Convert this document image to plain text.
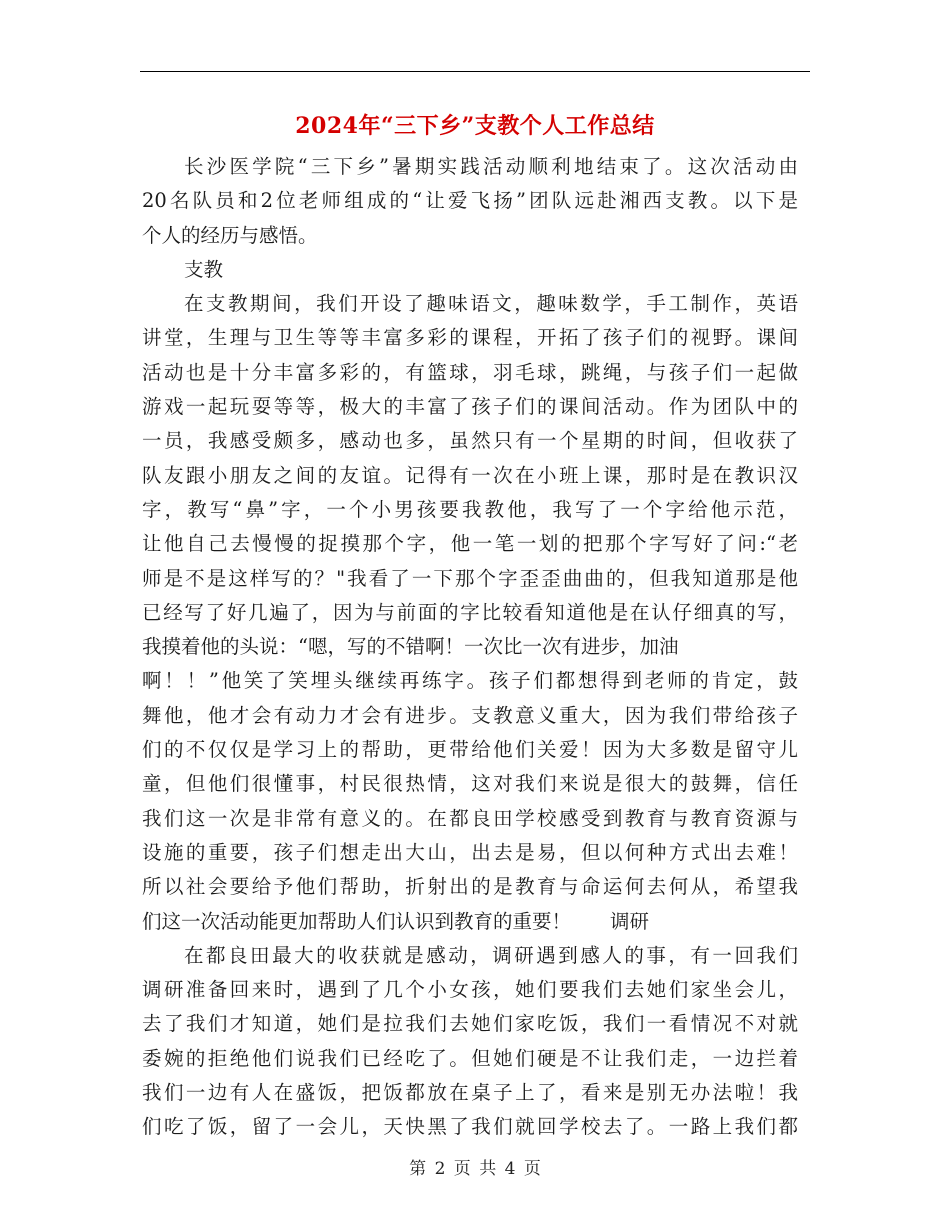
2024年“三下乡”支教个人工作总结
长沙医学院“三下乡”暑期实践活动顺利地结束了。这次活动由
20名队员和2位老师组成的“让爱飞扬”团队远赴湘西支教。以下是
个人的经历与感悟。
支教
在支教期间，我们开设了趣味语文，趣味数学，手工制作，英语
讲堂，生理与卫生等等丰富多彩的课程，开拓了孩子们的视野。课间
活动也是十分丰富多彩的，有篮球，羽毛球，跳绳，与孩子们一起做
游戏一起玩耍等等，极大的丰富了孩子们的课间活动。作为团队中的
一员，我感受颇多，感动也多，虽然只有一个星期的时间，但收获了
队友跟小朋友之间的友谊。记得有一次在小班上课，那时是在教识汉
字，教写“鼻”字，一个小男孩要我教他，我写了一个字给他示范，
让他自己去慢慢的捉摸那个字，他一笔一划的把那个字写好了问:“老
师是不是这样写的？"我看了一下那个字歪歪曲曲的，但我知道那是他
已经写了好几遍了，因为与前面的字比较看知道他是在认仔细真的写，
我摸着他的头说：“嗯，写的不错啊！一次比一次有进步，加油
啊！！”他笑了笑埋头继续再练字。孩子们都想得到老师的肯定，鼓
舞他，他才会有动力才会有进步。支教意义重大，因为我们带给孩子
们的不仅仅是学习上的帮助，更带给他们关爱！因为大多数是留守儿
童，但他们很懂事，村民很热情，这对我们来说是很大的鼓舞，信任
我们这一次是非常有意义的。在都良田学校感受到教育与教育资源与
设施的重要，孩子们想走出大山，出去是易，但以何种方式出去难！
所以社会要给予他们帮助，折射出的是教育与命运何去何从，希望我
们这一次活动能更加帮助人们认识到教育的重要！　　调研
在都良田最大的收获就是感动，调研遇到感人的事，有一回我们
调研准备回来时，遇到了几个小女孩，她们要我们去她们家坐会儿，
去了我们才知道，她们是拉我们去她们家吃饭，我们一看情况不对就
委婉的拒绝他们说我们已经吃了。但她们硬是不让我们走，一边拦着
我们一边有人在盛饭，把饭都放在桌子上了，看来是别无办法啦！我
们吃了饭，留了一会儿，天快黑了我们就回学校去了。一路上我们都
第 2 页 共 4 页
